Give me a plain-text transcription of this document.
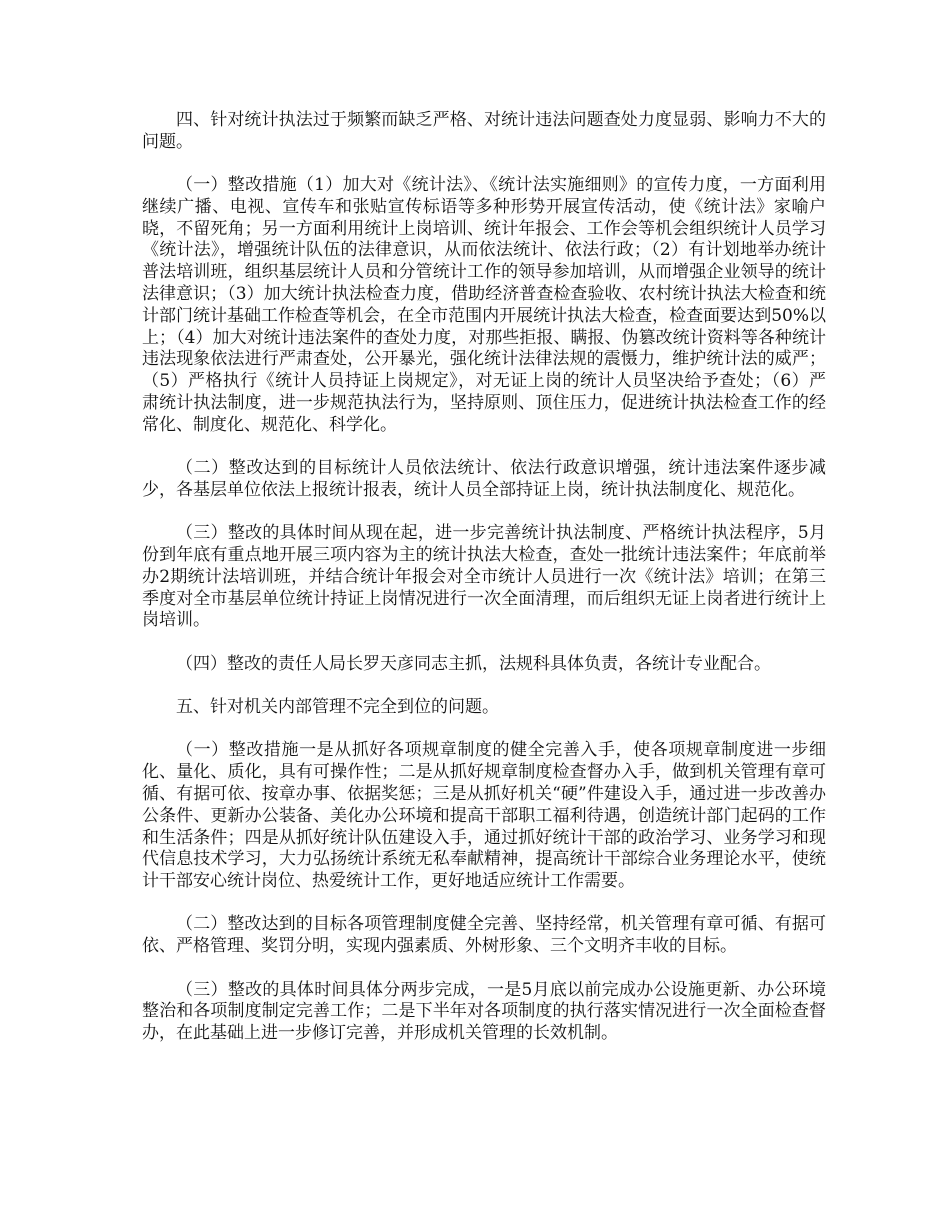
四、针对统计执法过于频繁而缺乏严格、对统计违法问题查处力度显弱、影响力不大的问题。

（一）整改措施（1）加大对《统计法》、《统计法实施细则》的宣传力度，一方面利用继续广播、电视、宣传车和张贴宣传标语等多种形势开展宣传活动，使《统计法》家喻户晓，不留死角；另一方面利用统计上岗培训、统计年报会、工作会等机会组织统计人员学习《统计法》，增强统计队伍的法律意识，从而依法统计、依法行政；（2）有计划地举办统计普法培训班，组织基层统计人员和分管统计工作的领导参加培训，从而增强企业领导的统计法律意识；（3）加大统计执法检查力度，借助经济普查检查验收、农村统计执法大检查和统计部门统计基础工作检查等机会，在全市范围内开展统计执法大检查，检查面要达到50%以上；（4）加大对统计违法案件的查处力度，对那些拒报、瞒报、伪篡改统计资料等各种统计违法现象依法进行严肃查处，公开暴光，强化统计法律法规的震慑力，维护统计法的威严；（5）严格执行《统计人员持证上岗规定》，对无证上岗的统计人员坚决给予查处；（6）严肃统计执法制度，进一步规范执法行为，坚持原则、顶住压力，促进统计执法检查工作的经常化、制度化、规范化、科学化。

（二）整改达到的目标统计人员依法统计、依法行政意识增强，统计违法案件逐步减少，各基层单位依法上报统计报表，统计人员全部持证上岗，统计执法制度化、规范化。

（三）整改的具体时间从现在起，进一步完善统计执法制度、严格统计执法程序，5月份到年底有重点地开展三项内容为主的统计执法大检查，查处一批统计违法案件；年底前举办2期统计法培训班，并结合统计年报会对全市统计人员进行一次《统计法》培训；在第三季度对全市基层单位统计持证上岗情况进行一次全面清理，而后组织无证上岗者进行统计上岗培训。

（四）整改的责任人局长罗天彦同志主抓，法规科具体负责，各统计专业配合。

五、针对机关内部管理不完全到位的问题。

（一）整改措施一是从抓好各项规章制度的健全完善入手，使各项规章制度进一步细化、量化、质化，具有可操作性；二是从抓好规章制度检查督办入手，做到机关管理有章可循、有据可依、按章办事、依据奖惩；三是从抓好机关“硬”件建设入手，通过进一步改善办公条件、更新办公装备、美化办公环境和提高干部职工福利待遇，创造统计部门起码的工作和生活条件；四是从抓好统计队伍建设入手，通过抓好统计干部的政治学习、业务学习和现代信息技术学习，大力弘扬统计系统无私奉献精神，提高统计干部综合业务理论水平，使统计干部安心统计岗位、热爱统计工作，更好地适应统计工作需要。

（二）整改达到的目标各项管理制度健全完善、坚持经常，机关管理有章可循、有据可依、严格管理、奖罚分明，实现内强素质、外树形象、三个文明齐丰收的目标。

（三）整改的具体时间具体分两步完成，一是5月底以前完成办公设施更新、办公环境整治和各项制度制定完善工作；二是下半年对各项制度的执行落实情况进行一次全面检查督办，在此基础上进一步修订完善，并形成机关管理的长效机制。
